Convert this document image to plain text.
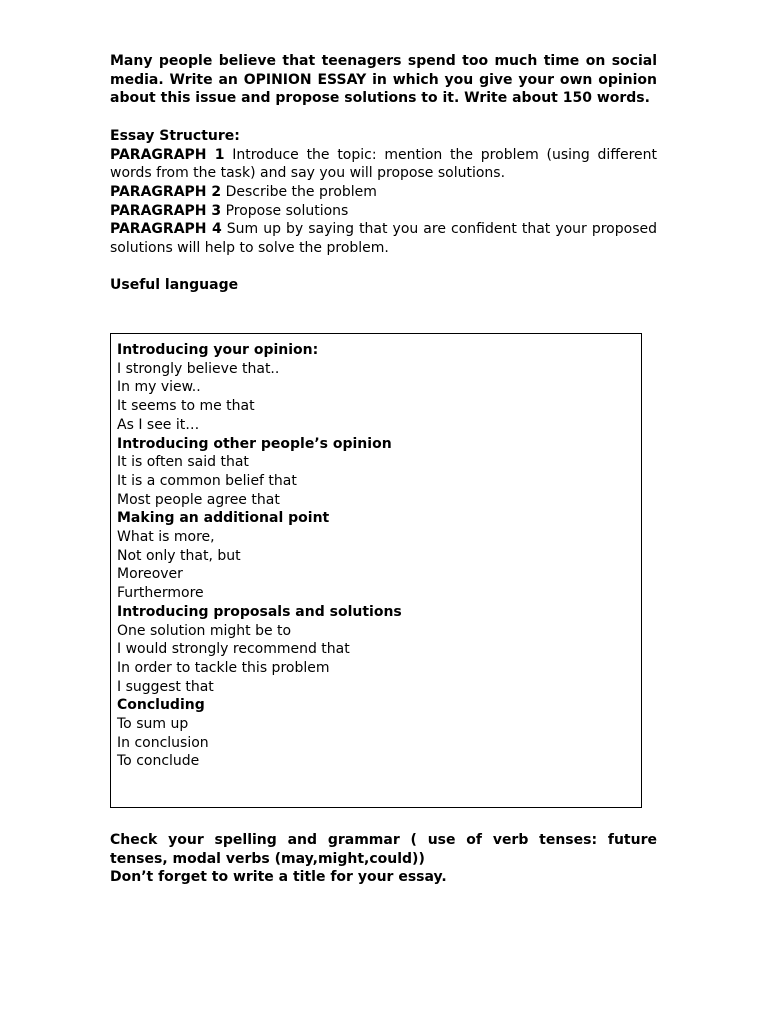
Many people believe that teenagers spend too much time on social media. Write an OPINION ESSAY in which you give your own opinion about this issue and propose solutions to it. Write about 150 words.

Essay Structure:

PARAGRAPH 1 Introduce the topic: mention the problem (using different words from the task) and say you will propose solutions.

PARAGRAPH 2 Describe the problem

PARAGRAPH 3 Propose solutions

PARAGRAPH 4 Sum up by saying that you are confident that your proposed solutions will help to solve the problem.

Useful language

Introducing your opinion:

I strongly believe that..

In my view..

It seems to me that

As I see it…

Introducing other people’s opinion

It is often said that

It is a common belief that

Most people agree that

Making an additional point

What is more,

Not only that, but

Moreover

Furthermore

Introducing proposals and solutions

One solution might be to

I would strongly recommend that

In order to tackle this problem

I suggest that

Concluding

To sum up

In conclusion

To conclude

Check your spelling and grammar ( use of verb tenses: future tenses, modal verbs (may,might,could))

Don’t forget to write a title for your essay.
